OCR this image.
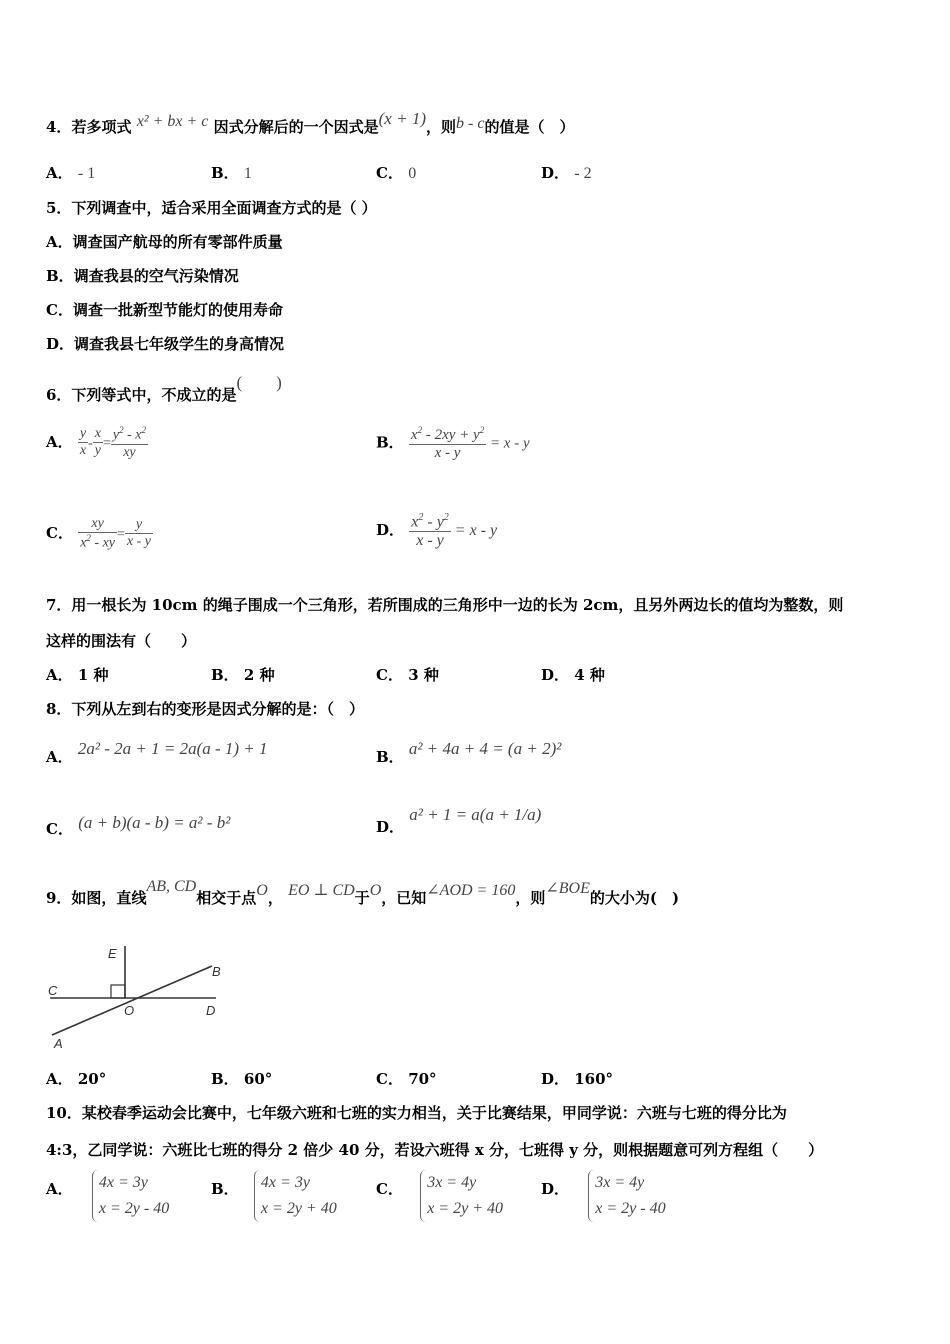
4．若多项式 x² + bx + c 因式分解后的一个因式是(x + 1)，则b - c的值是（　）
A． - 1	B． 1	C． 0	D． - 2
5．下列调查中，适合采用全面调查方式的是（ ）
A．调查国产航母的所有零部件质量
B．调查我县的空气污染情况
C．调查一批新型节能灯的使用寿命
D．调查我县七年级学生的身高情况
6．下列等式中，不成立的是(　　)
A． $\frac{y}{x} - \frac{x}{y} = \frac{y^2 - x^2}{xy}$	B． $\frac{x^2 - 2xy + y^2}{x - y} = x - y$
C． $\frac{xy}{x^2 - xy} = \frac{y}{x - y}$	D． $\frac{x^2 - y^2}{x - y} = x - y$
7．用一根长为 10cm 的绳子围成一个三角形，若所围成的三角形中一边的长为 2cm，且另外两边长的值均为整数，则
这样的围法有（　　）
A． 1 种	B． 2 种	C． 3 种	D． 4 种
8．下列从左到右的变形是因式分解的是：（　）
A． 2a² - 2a + 1 = 2a(a - 1) + 1	B． a² + 4a + 4 = (a + 2)²
C． (a + b)(a - b) = a² - b²	D． a² + 1 = a(a + 1/a)
9．如图，直线AB, CD相交于点O， EO ⊥ CD于O，已知∠AOD = 160，则∠BOE的大小为(　)
E
B
C
O	D
A
A． 20°	B． 60°	C． 70°	D． 160°
10．某校春季运动会比赛中，七年级六班和七班的实力相当，关于比赛结果，甲同学说：六班与七班的得分比为
4:3，乙同学说：六班比七班的得分 2 倍少 40 分，若设六班得 x 分，七班得 y 分，则根据题意可列方程组（　　）
A． 4x = 3y
x = 2y - 40
B． 4x = 3y
x = 2y + 40
C． 3x = 4y
x = 2y + 40
D． 3x = 4y
x = 2y - 40
